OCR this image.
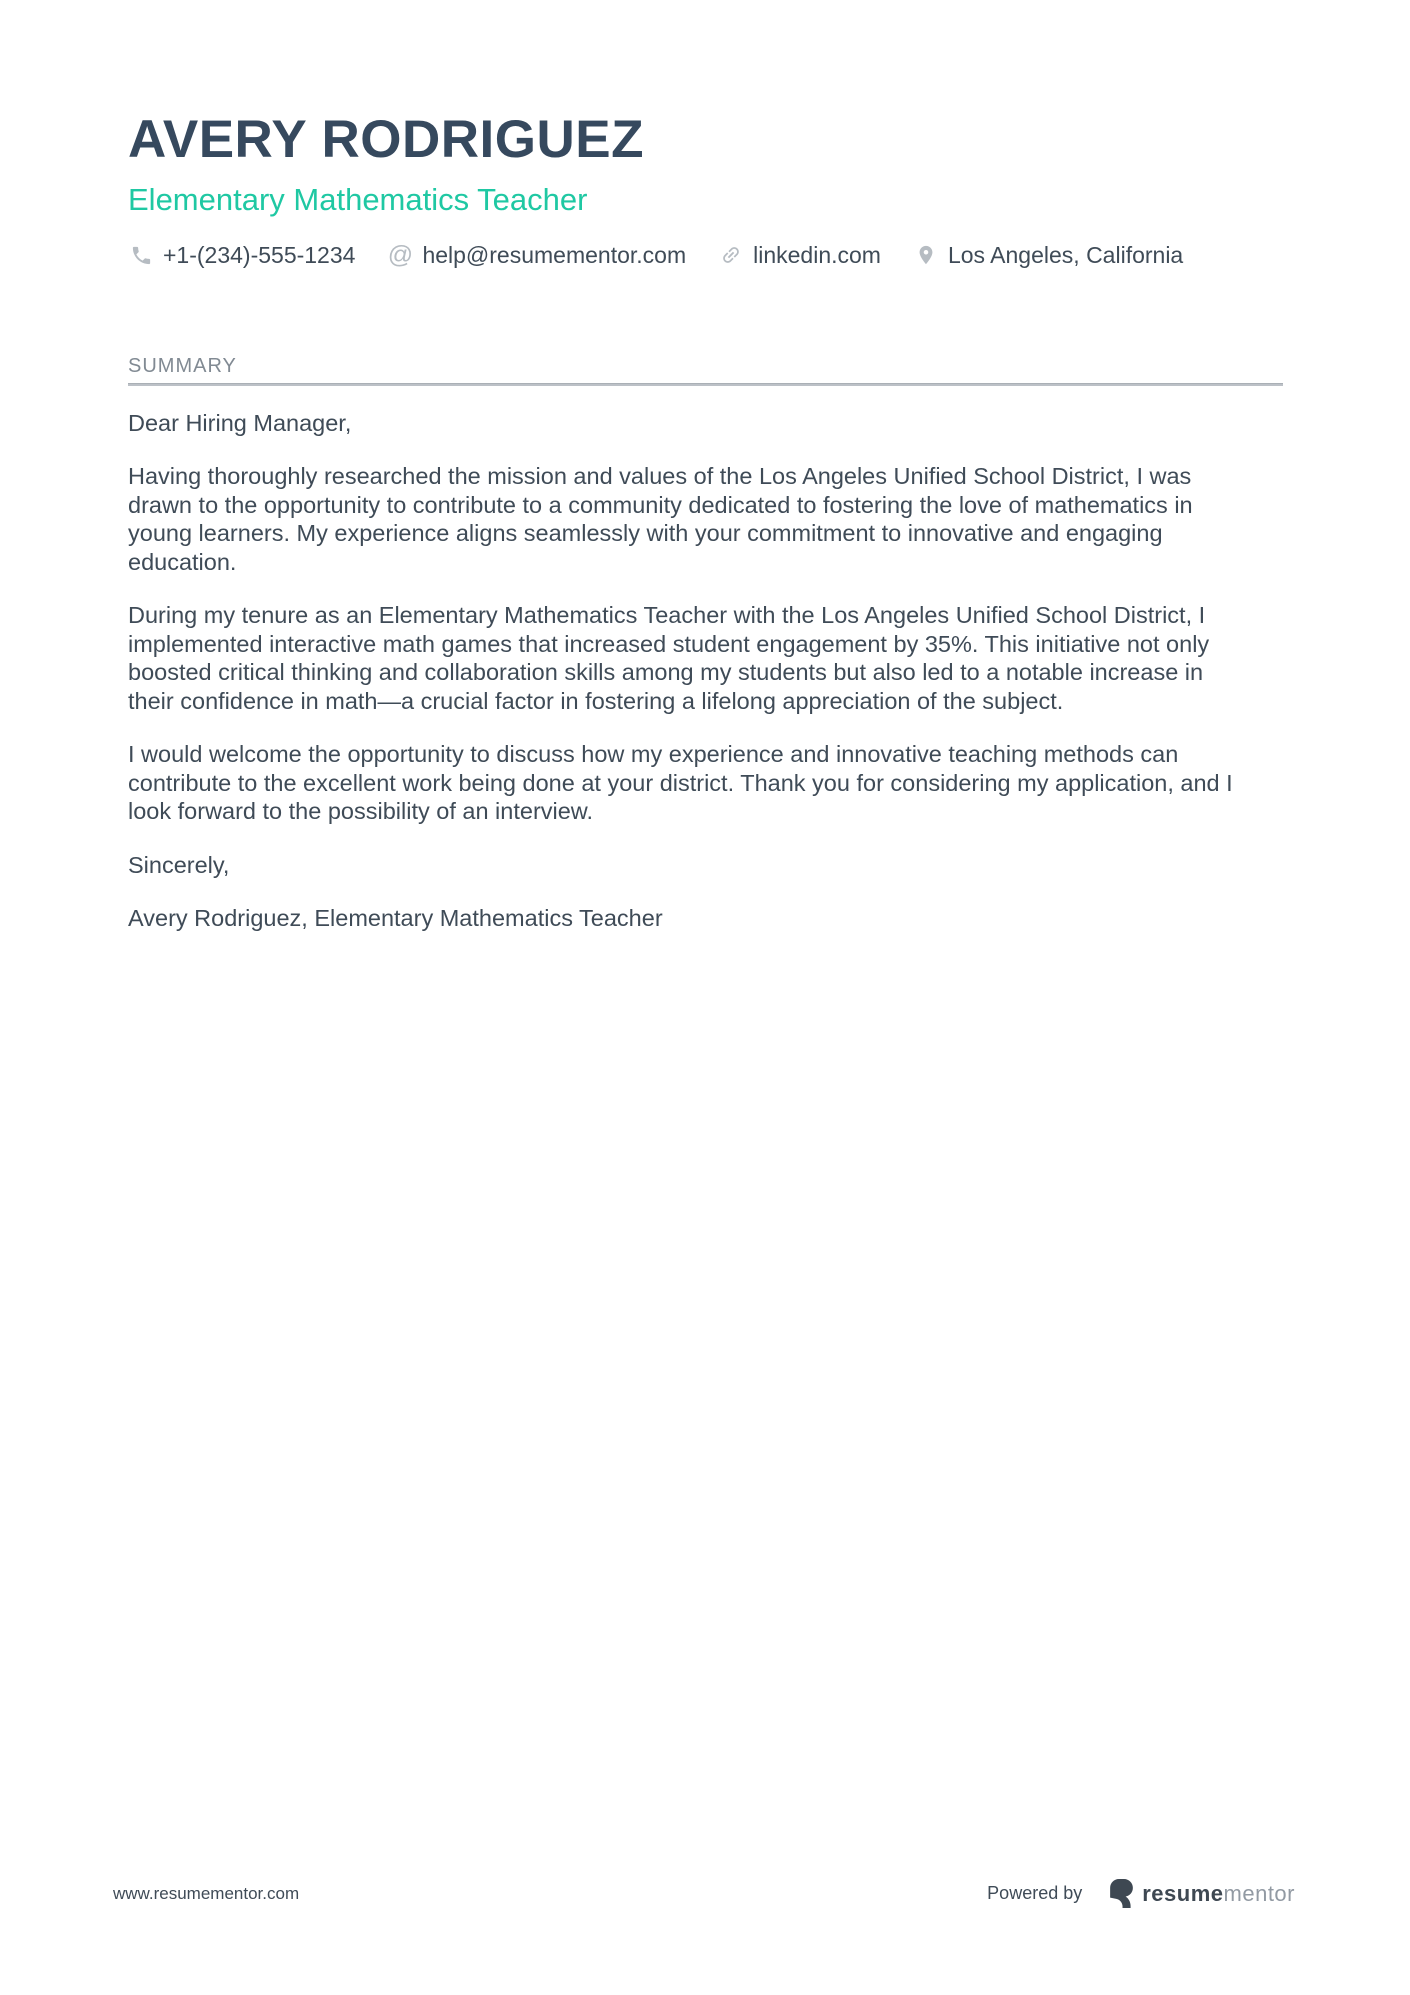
AVERY RODRIGUEZ
Elementary Mathematics Teacher
+1-(234)-555-1234 @ help@resumementor.com	linkedin.com	Los Angeles, California
SUMMARY

Dear Hiring Manager,

Having thoroughly researched the mission and values of the Los Angeles Unified School District, I was drawn to the opportunity to contribute to a community dedicated to fostering the love of mathematics in young learners. My experience aligns seamlessly with your commitment to innovative and engaging education.

During my tenure as an Elementary Mathematics Teacher with the Los Angeles Unified School District, I implemented interactive math games that increased student engagement by 35%. This initiative not only boosted critical thinking and collaboration skills among my students but also led to a notable increase in their confidence in math—a crucial factor in fostering a lifelong appreciation of the subject.

I would welcome the opportunity to discuss how my experience and innovative teaching methods can contribute to the excellent work being done at your district. Thank you for considering my application, and I look forward to the possibility of an interview.

Sincerely,

Avery Rodriguez, Elementary Mathematics Teacher

www.resumementor.com	Powered by	resumementor
